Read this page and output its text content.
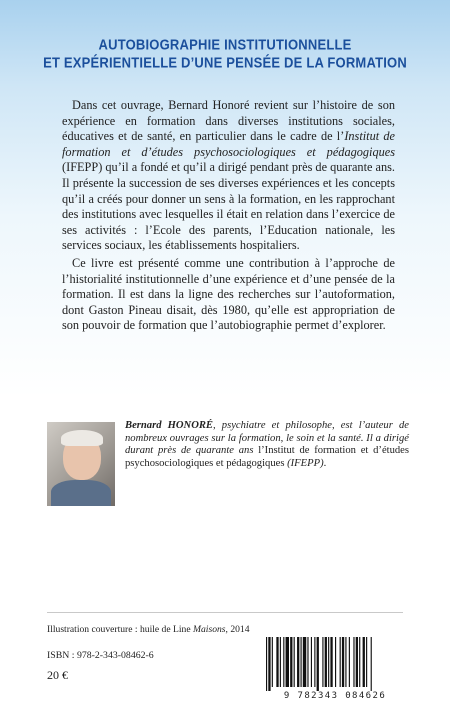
AUTOBIOGRAPHIE INSTITUTIONNELLE
ET EXPÉRIENTIELLE D’UNE PENSÉE DE LA FORMATION

Dans cet ouvrage, Bernard Honoré revient sur l’histoire de son expérience en formation dans diverses institutions sociales, éducatives et de santé, en particulier dans le cadre de l’Institut de formation et d’études psychosociologiques et pédagogiques (IFEPP) qu’il a fondé et qu’il a dirigé pendant près de quarante ans. Il présente la succession de ses diverses expériences et les concepts qu’il a créés pour donner un sens à la formation, en les rapprochant des institutions avec lesquelles il était en relation dans l’exercice de ses activités : l’Ecole des parents, l’Education nationale, les services sociaux, les établissements hospitaliers.

Ce livre est présenté comme une contribution à l’approche de l’historialité institutionnelle d’une expérience et d’une pensée de la formation. Il est dans la ligne des recherches sur l’autoformation, dont Gaston Pineau disait, dès 1980, qu’elle est appropriation de son pouvoir de formation que l’autobiographie permet d’explorer.

Bernard HONORÉ, psychiatre et philosophe, est l’auteur de nombreux ouvrages sur la formation, le soin et la santé. Il a dirigé durant près de quarante ans l’Institut de formation et d’études psychosociologiques et pédagogiques (IFEPP).
Illustration couverture : huile de Line Maisons, 2014
ISBN : 978-2-343-08462-6
20 €
9 782343 084626
